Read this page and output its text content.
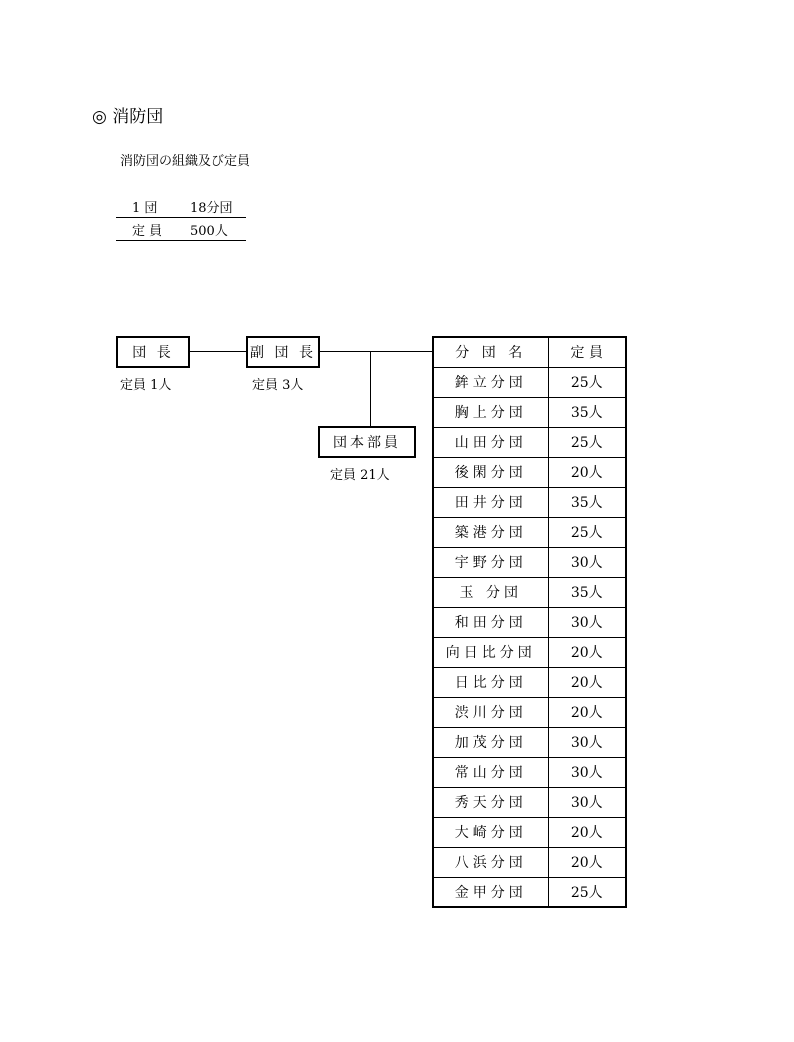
◎ 消防団
消防団の組織及び定員
1 団	18分団
定 員 500人
団 長
定員 1人
副 団 長
定員 3人
団本部員
定員 21人
分 団 名	定 員
鉾立分団	25人
胸上分団	35人
山田分団	25人
後閑分団	20人
田井分団	35人
築港分団	25人
宇野分団	30人
玉 分団	35人
和田分団	30人
向日比分団	20人
日比分団	20人
渋川分団	20人
加茂分団	30人
常山分団	30人
秀天分団	30人
大崎分団	20人
八浜分団	20人
金甲分団	25人
